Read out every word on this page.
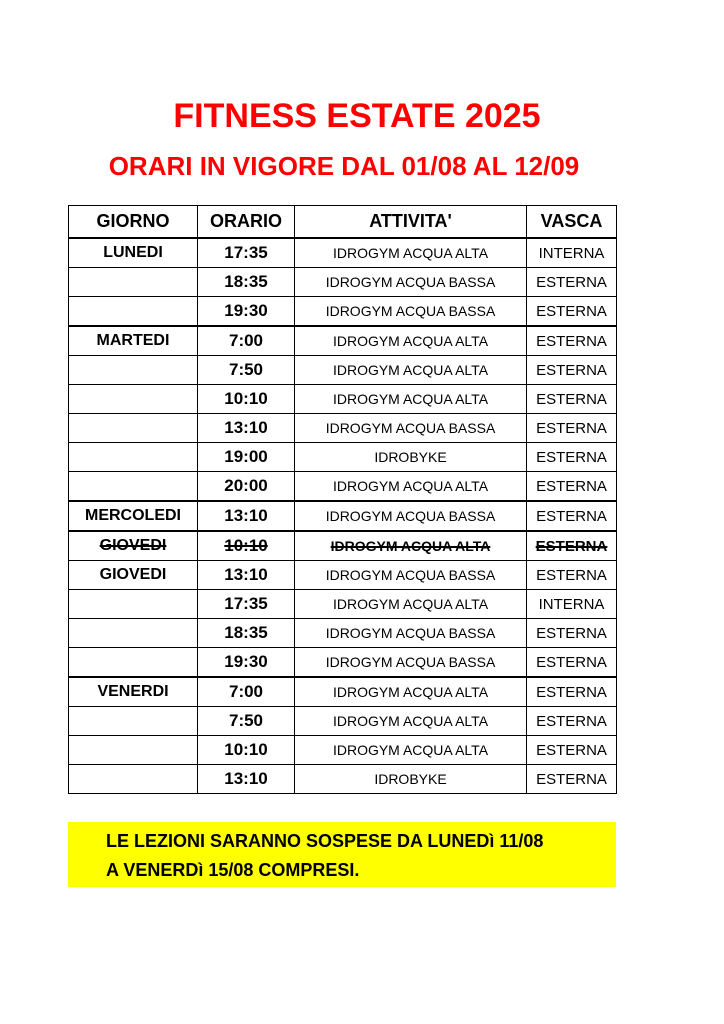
FITNESS ESTATE 2025
ORARI IN VIGORE DAL 01/08 AL 12/09
GIORNO	ORARIO	ATTIVITA'	VASCA
LUNEDI	17:35	IDROGYM ACQUA ALTA	INTERNA
	18:35	IDROGYM ACQUA BASSA	ESTERNA
	19:30	IDROGYM ACQUA BASSA	ESTERNA
MARTEDI	7:00	IDROGYM ACQUA ALTA	ESTERNA
	7:50	IDROGYM ACQUA ALTA	ESTERNA
	10:10	IDROGYM ACQUA ALTA	ESTERNA
	13:10	IDROGYM ACQUA BASSA	ESTERNA
	19:00	IDROBYKE	ESTERNA
	20:00	IDROGYM ACQUA ALTA	ESTERNA
MERCOLEDI	13:10	IDROGYM ACQUA BASSA	ESTERNA
GIOVEDI	10:10	IDROGYM ACQUA ALTA	ESTERNA
GIOVEDI	13:10	IDROGYM ACQUA BASSA	ESTERNA
	17:35	IDROGYM ACQUA ALTA	INTERNA
	18:35	IDROGYM ACQUA BASSA	ESTERNA
	19:30	IDROGYM ACQUA BASSA	ESTERNA
VENERDI	7:00	IDROGYM ACQUA ALTA	ESTERNA
	7:50	IDROGYM ACQUA ALTA	ESTERNA
	10:10	IDROGYM ACQUA ALTA	ESTERNA
	13:10	IDROBYKE	ESTERNA
LE LEZIONI SARANNO SOSPESE DA LUNEDì 11/08
A VENERDì 15/08 COMPRESI.
